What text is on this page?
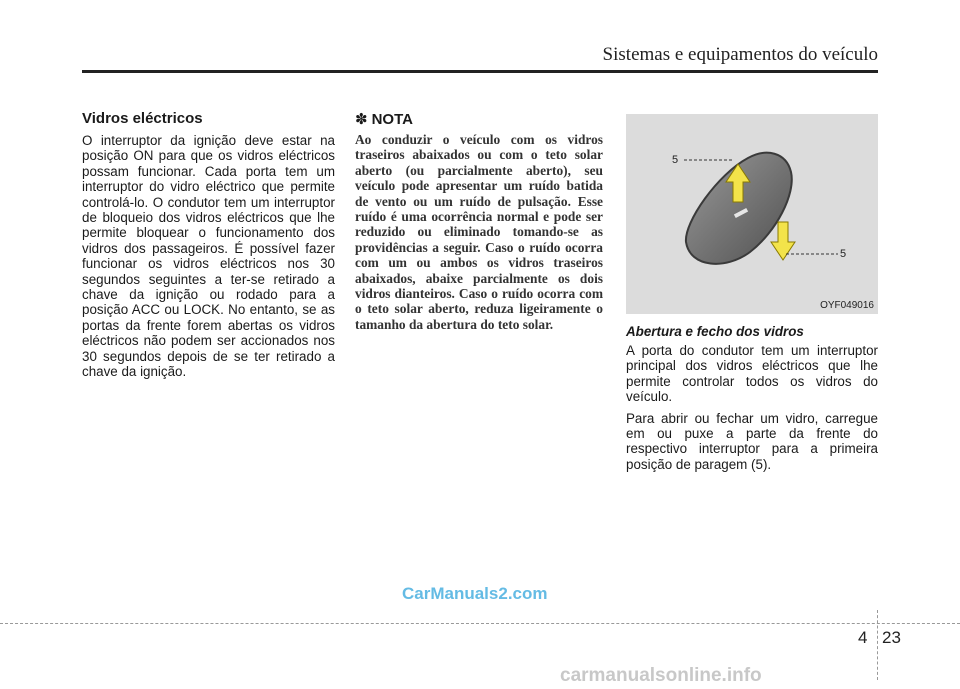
Sistemas e equipamentos do veículo
Vidros eléctricos

O interruptor da ignição deve estar na posição ON para que os vidros eléctricos possam funcionar. Cada porta tem um interruptor do vidro eléctrico que permite controlá-lo. O condutor tem um interruptor de bloqueio dos vidros eléctricos que lhe permite bloquear o funcionamento dos vidros dos passageiros. É possível fazer funcionar os vidros eléctricos nos 30 segundos seguintes a ter-se retirado a chave da ignição ou rodado para a posição ACC ou LOCK. No entanto, se as portas da frente forem abertas os vidros eléctricos não podem ser accionados nos 30 segundos depois de se ter retirado a chave da ignição.

✽ NOTA

Ao conduzir o veículo com os vidros traseiros abaixados ou com o teto solar aberto (ou parcialmente aberto), seu veículo pode apresentar um ruído batida de vento ou um ruído de pulsação. Esse ruído é uma ocorrência normal e pode ser reduzido ou eliminado tomando-se as providências a seguir. Caso o ruído ocorra com um ou ambos os vidros traseiros abaixados, abaixe parcialmente os dois vidros dianteiros. Caso o ruído ocorra com o teto solar aberto, reduza ligeiramente o tamanho da abertura do teto solar.

5
5
OYF049016
Abertura e fecho dos vidros

A porta do condutor tem um interruptor principal dos vidros eléctricos que lhe permite controlar todos os vidros do veículo.

Para abrir ou fechar um vidro, carregue em ou puxe a parte da frente do respectivo interruptor para a primeira posição de paragem (5).

CarManuals2.com
4 23
carmanualsonline.info
